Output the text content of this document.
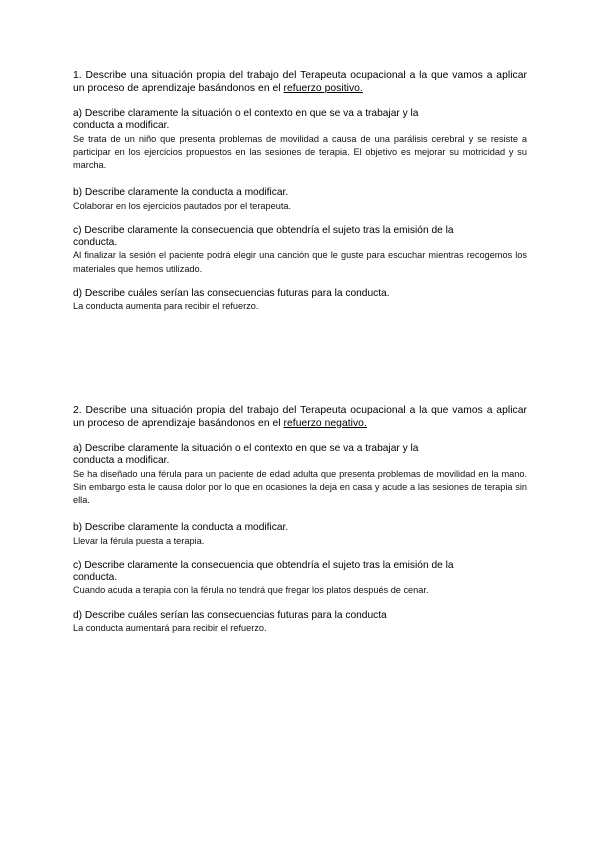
1. Describe una situación propia del trabajo del Terapeuta ocupacional a la que vamos a aplicar un proceso de aprendizaje basándonos en el refuerzo positivo.

a) Describe claramente la situación o el contexto en que se va a trabajar y la

conducta a modificar.

Se trata de un niño que presenta problemas de movilidad a causa de una parálisis cerebral y se resiste a participar en los ejercicios propuestos en las sesiones de terapia. El objetivo es mejorar su motricidad y su marcha.

b) Describe claramente la conducta a modificar.

Colaborar en los ejercicios pautados por el terapeuta.

c) Describe claramente la consecuencia que obtendría el sujeto tras la emisión de la

conducta.

Al finalizar la sesión el paciente podrá elegir una canción que le guste para escuchar mientras recogemos los materiales que hemos utilizado.

d) Describe cuáles serían las consecuencias futuras para la conducta.

La conducta aumenta para recibir el refuerzo.

2. Describe una situación propia del trabajo del Terapeuta ocupacional a la que vamos a aplicar un proceso de aprendizaje basándonos en el refuerzo negativo.

a) Describe claramente la situación o el contexto en que se va a trabajar y la

conducta a modificar.

Se ha diseñado una férula para un paciente de edad adulta que presenta problemas de movilidad en la mano. Sin embargo esta le causa dolor por lo que en ocasiones la deja en casa y acude a las sesiones de terapia sin ella.

b) Describe claramente la conducta a modificar.

Llevar la férula puesta a terapia.

c) Describe claramente la consecuencia que obtendría el sujeto tras la emisión de la

conducta.

Cuando acuda a terapia con la férula no tendrá que fregar los platos después de cenar.

d) Describe cuáles serían las consecuencias futuras para la conducta

La conducta aumentará para recibir el refuerzo.
